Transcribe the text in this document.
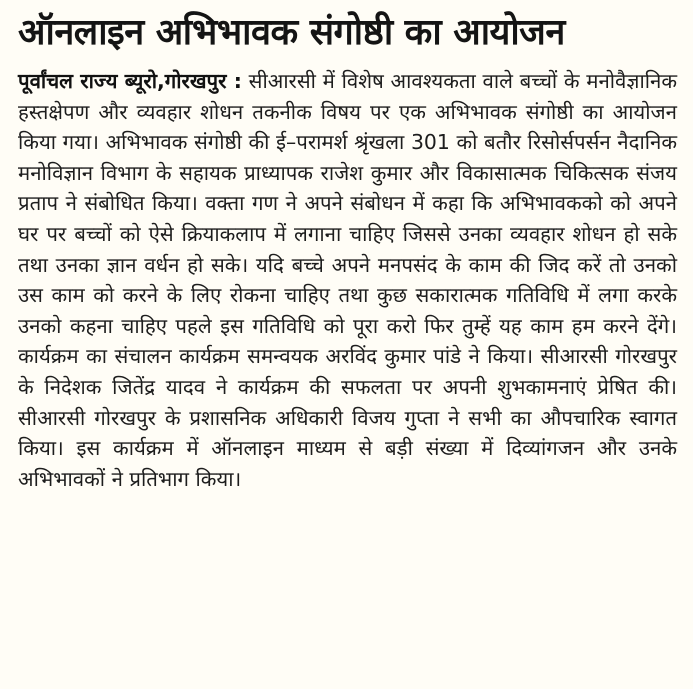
ऑनलाइन अभिभावक संगोष्ठी का आयोजन

पूर्वांचल राज्य ब्यूरो,गोरखपुर : सीआरसी में विशेष आवश्यकता वाले बच्चों के मनोवैज्ञानिक हस्तक्षेपण और व्यवहार शोधन तकनीक विषय पर एक अभिभावक संगोष्ठी का आयोजन किया गया। अभिभावक संगोष्ठी की ई–परामर्श श्रृंखला 301 को बतौर रिसोर्सपर्सन नैदानिक मनोविज्ञान विभाग के सहायक प्राध्यापक राजेश कुमार और विकासात्मक चिकित्सक संजय प्रताप ने संबोधित किया। वक्ता गण ने अपने संबोधन में कहा कि अभिभावकको को अपने घर पर बच्चों को ऐसे क्रियाकलाप में लगाना चाहिए जिससे उनका व्यवहार शोधन हो सके तथा उनका ज्ञान वर्धन हो सके। यदि बच्चे अपने मनपसंद के काम की जिद करें तो उनको उस काम को करने के लिए रोकना चाहिए तथा कुछ सकारात्मक गतिविधि में लगा करके उनको कहना चाहिए पहले इस गतिविधि को पूरा करो फिर तुम्हें यह काम हम करने देंगे। कार्यक्रम का संचालन कार्यक्रम समन्वयक अरविंद कुमार पांडे ने किया। सीआरसी गोरखपुर के निदेशक जितेंद्र यादव ने कार्यक्रम की सफलता पर अपनी शुभकामनाएं प्रेषित की। सीआरसी गोरखपुर के प्रशासनिक अधिकारी विजय गुप्ता ने सभी का औपचारिक स्वागत किया। इस कार्यक्रम में ऑनलाइन माध्यम से बड़ी संख्या में दिव्यांगजन और उनके अभिभावकों ने प्रतिभाग किया।
